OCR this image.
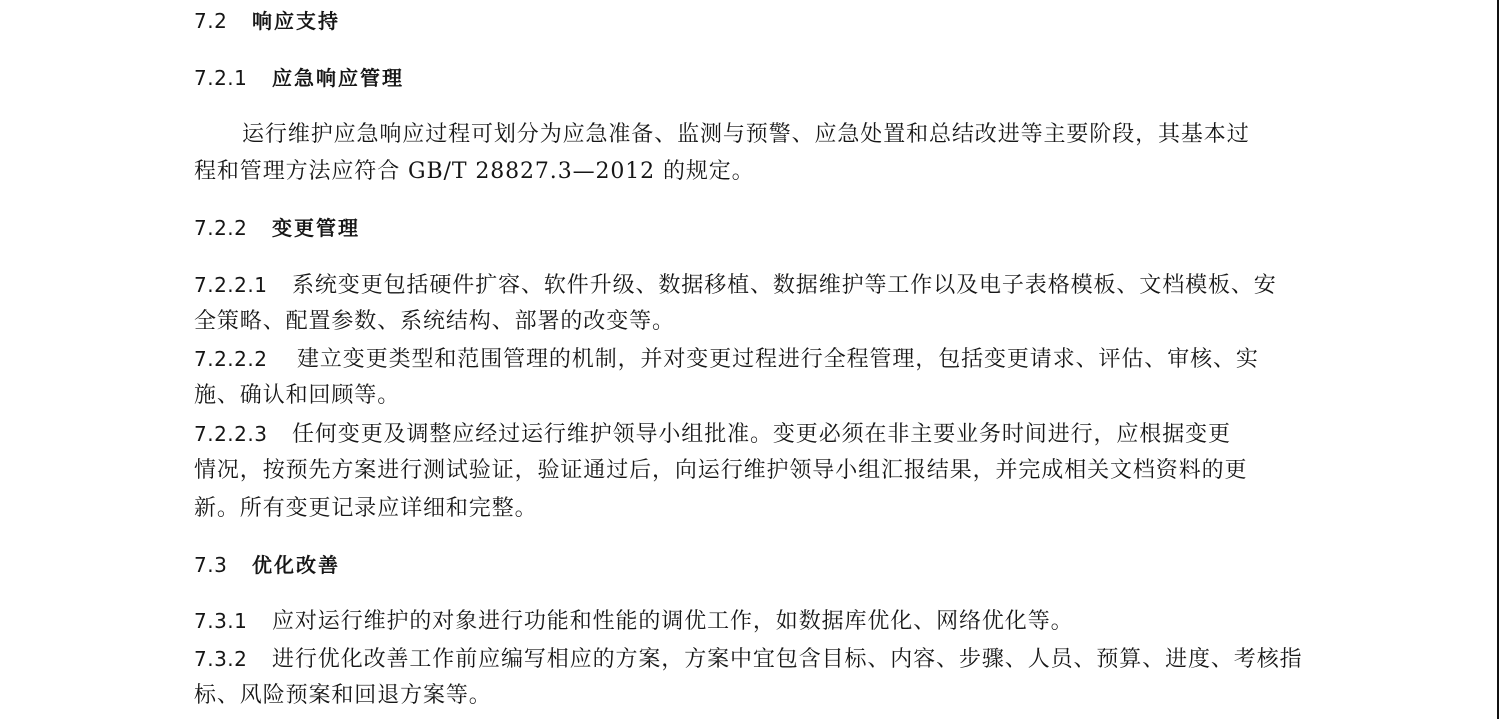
7.2 响应支持
7.2.1 应急响应管理
运行维护应急响应过程可划分为应急准备、监测与预警、应急处置和总结改进等主要阶段，其基本过
程和管理方法应符合 GB/T 28827.3—2012 的规定。
7.2.2 变更管理
7.2.2.1 系统变更包括硬件扩容、软件升级、数据移植、数据维护等工作以及电子表格模板、文档模板、安
全策略、配置参数、系统结构、部署的改变等。
7.2.2.2 建立变更类型和范围管理的机制，并对变更过程进行全程管理，包括变更请求、评估、审核、实
施、确认和回顾等。
7.2.2.3 任何变更及调整应经过运行维护领导小组批准。变更必须在非主要业务时间进行，应根据变更
情况，按预先方案进行测试验证，验证通过后，向运行维护领导小组汇报结果，并完成相关文档资料的更
新。所有变更记录应详细和完整。
7.3 优化改善
7.3.1 应对运行维护的对象进行功能和性能的调优工作，如数据库优化、网络优化等。
7.3.2 进行优化改善工作前应编写相应的方案，方案中宜包含目标、内容、步骤、人员、预算、进度、考核指
标、风险预案和回退方案等。
